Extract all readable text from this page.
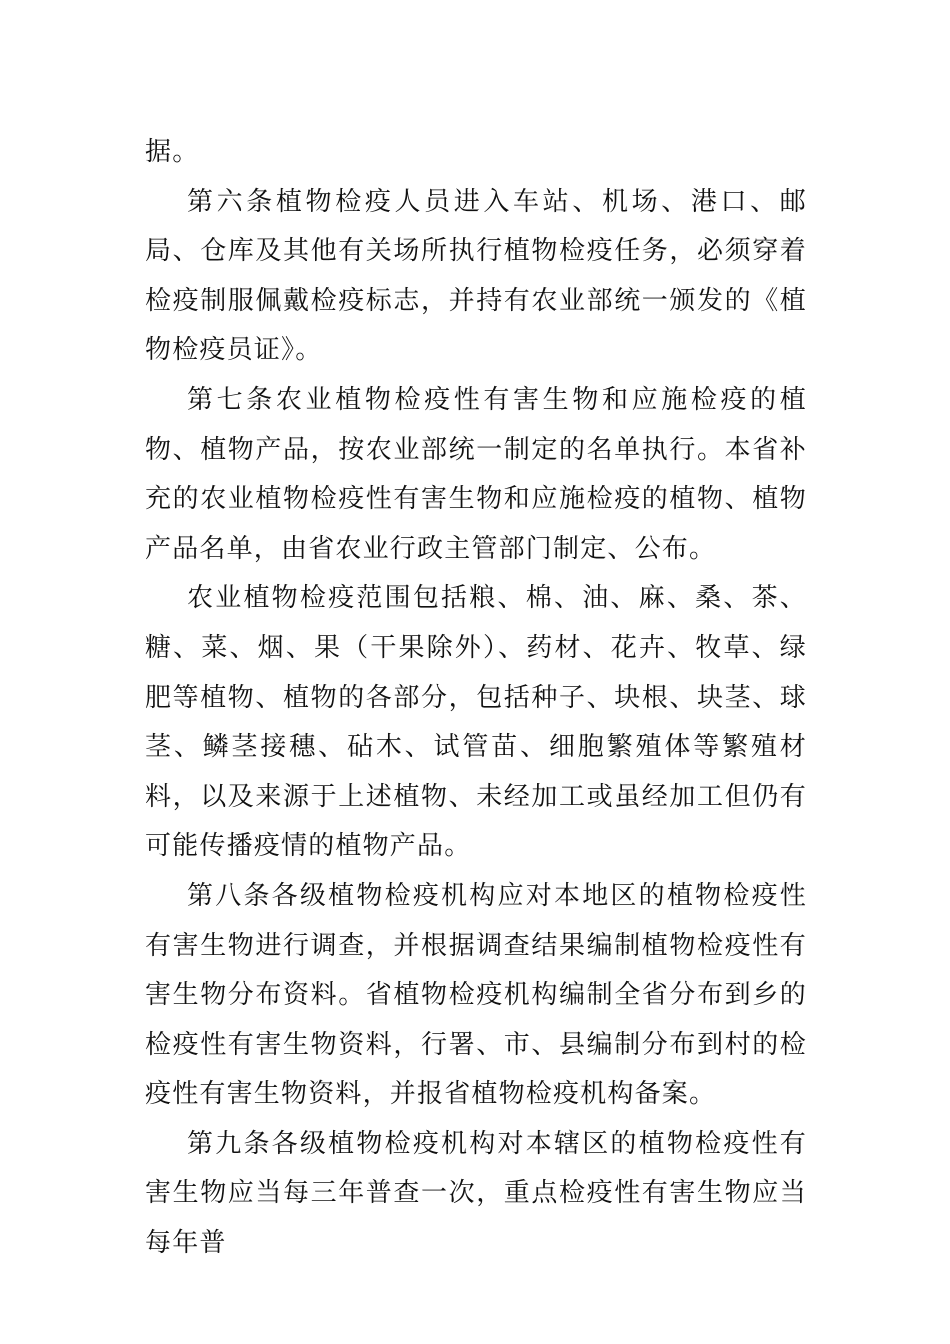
据。

第六条植物检疫人员进入车站、机场、港口、邮局、仓库及其他有关场所执行植物检疫任务，必须穿着检疫制服佩戴检疫标志，并持有农业部统一颁发的《植物检疫员证》。

第七条农业植物检疫性有害生物和应施检疫的植物、植物产品，按农业部统一制定的名单执行。本省补充的农业植物检疫性有害生物和应施检疫的植物、植物产品名单，由省农业行政主管部门制定、公布。

农业植物检疫范围包括粮、棉、油、麻、桑、茶、糖、菜、烟、果（干果除外）、药材、花卉、牧草、绿肥等植物、植物的各部分，包括种子、块根、块茎、球茎、鳞茎接穗、砧木、试管苗、细胞繁殖体等繁殖材料，以及来源于上述植物、未经加工或虽经加工但仍有可能传播疫情的植物产品。

第八条各级植物检疫机构应对本地区的植物检疫性有害生物进行调查，并根据调查结果编制植物检疫性有害生物分布资料。省植物检疫机构编制全省分布到乡的检疫性有害生物资料，行署、市、县编制分布到村的检疫性有害生物资料，并报省植物检疫机构备案。

第九条各级植物检疫机构对本辖区的植物检疫性有害生物应当每三年普查一次，重点检疫性有害生物应当每年普
